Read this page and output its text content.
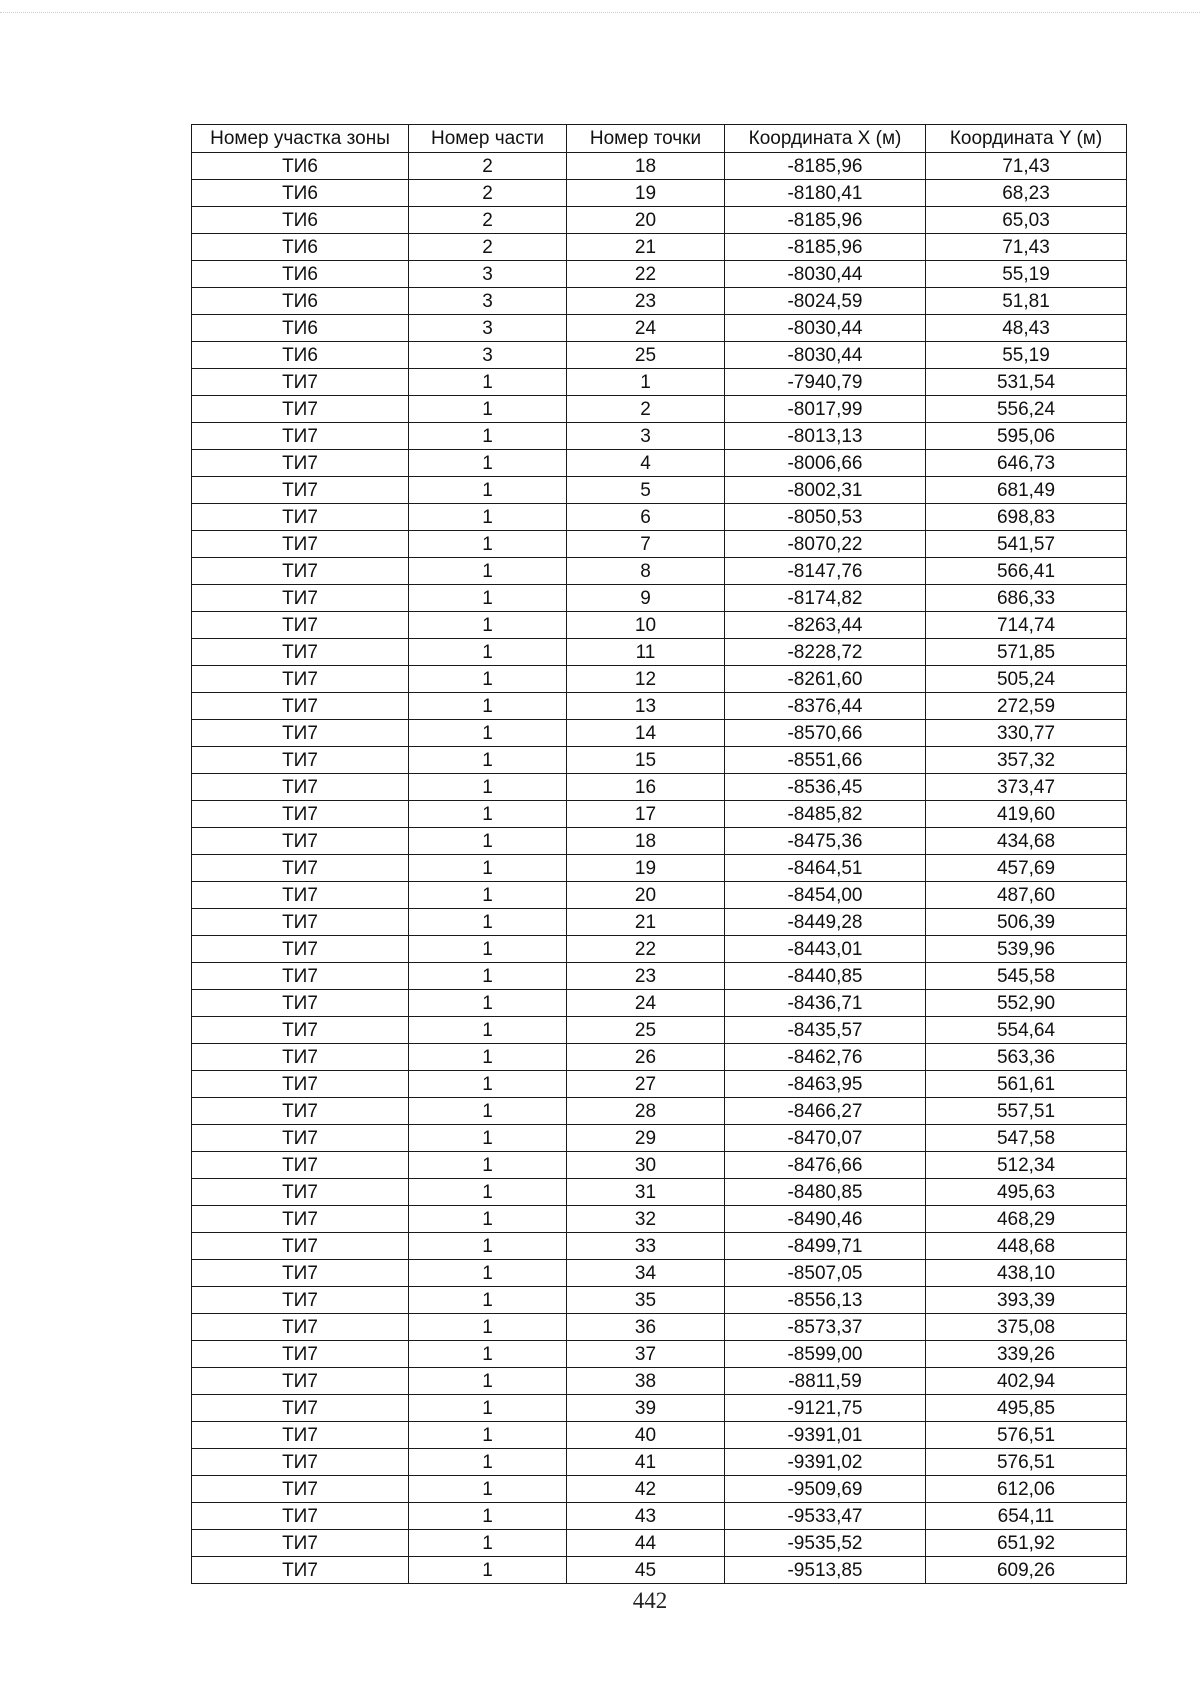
Номер участка зоны	Номер части	Номер точки	Координата X (м)	Координата Y (м)
ТИ6	2	18	-8185,96	71,43
ТИ6	2	19	-8180,41	68,23
ТИ6	2	20	-8185,96	65,03
ТИ6	2	21	-8185,96	71,43
ТИ6	3	22	-8030,44	55,19
ТИ6	3	23	-8024,59	51,81
ТИ6	3	24	-8030,44	48,43
ТИ6	3	25	-8030,44	55,19
ТИ7	1	1	-7940,79	531,54
ТИ7	1	2	-8017,99	556,24
ТИ7	1	3	-8013,13	595,06
ТИ7	1	4	-8006,66	646,73
ТИ7	1	5	-8002,31	681,49
ТИ7	1	6	-8050,53	698,83
ТИ7	1	7	-8070,22	541,57
ТИ7	1	8	-8147,76	566,41
ТИ7	1	9	-8174,82	686,33
ТИ7	1	10	-8263,44	714,74
ТИ7	1	11	-8228,72	571,85
ТИ7	1	12	-8261,60	505,24
ТИ7	1	13	-8376,44	272,59
ТИ7	1	14	-8570,66	330,77
ТИ7	1	15	-8551,66	357,32
ТИ7	1	16	-8536,45	373,47
ТИ7	1	17	-8485,82	419,60
ТИ7	1	18	-8475,36	434,68
ТИ7	1	19	-8464,51	457,69
ТИ7	1	20	-8454,00	487,60
ТИ7	1	21	-8449,28	506,39
ТИ7	1	22	-8443,01	539,96
ТИ7	1	23	-8440,85	545,58
ТИ7	1	24	-8436,71	552,90
ТИ7	1	25	-8435,57	554,64
ТИ7	1	26	-8462,76	563,36
ТИ7	1	27	-8463,95	561,61
ТИ7	1	28	-8466,27	557,51
ТИ7	1	29	-8470,07	547,58
ТИ7	1	30	-8476,66	512,34
ТИ7	1	31	-8480,85	495,63
ТИ7	1	32	-8490,46	468,29
ТИ7	1	33	-8499,71	448,68
ТИ7	1	34	-8507,05	438,10
ТИ7	1	35	-8556,13	393,39
ТИ7	1	36	-8573,37	375,08
ТИ7	1	37	-8599,00	339,26
ТИ7	1	38	-8811,59	402,94
ТИ7	1	39	-9121,75	495,85
ТИ7	1	40	-9391,01	576,51
ТИ7	1	41	-9391,02	576,51
ТИ7	1	42	-9509,69	612,06
ТИ7	1	43	-9533,47	654,11
ТИ7	1	44	-9535,52	651,92
ТИ7	1	45	-9513,85	609,26
442
